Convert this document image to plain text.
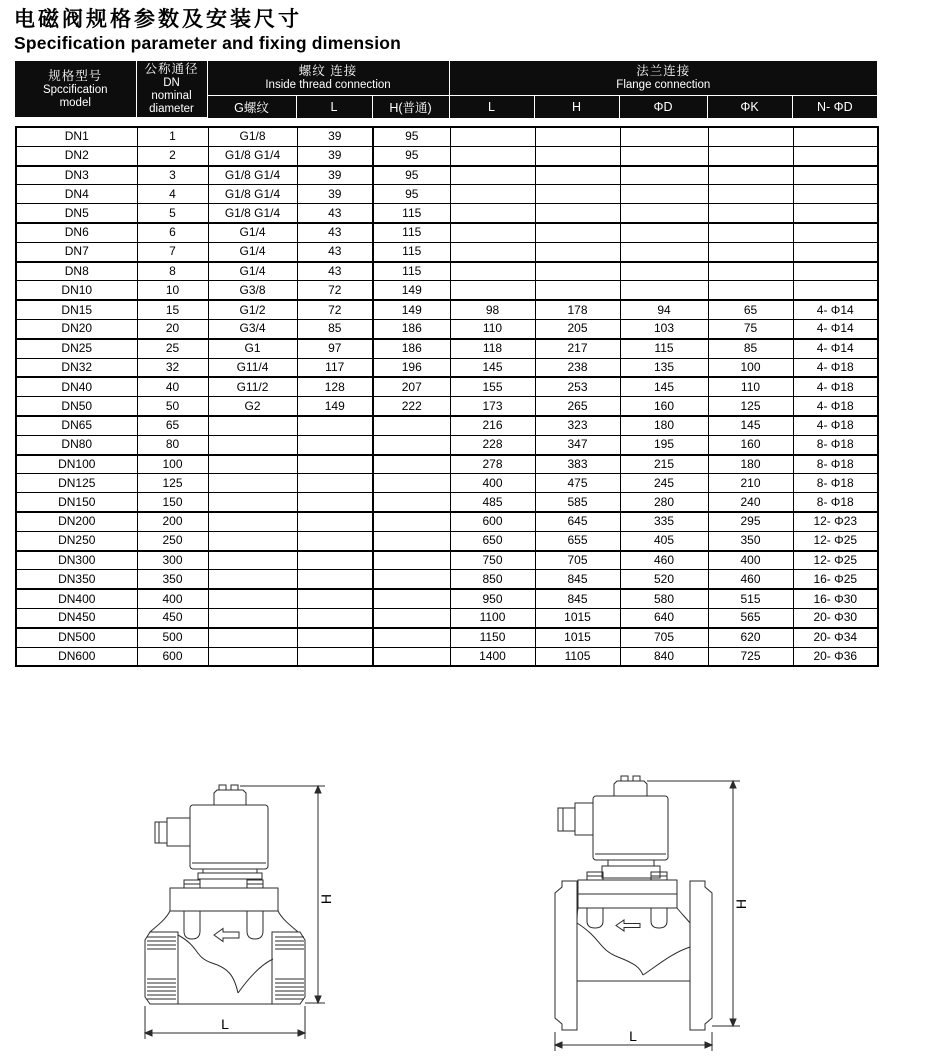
电磁阀规格参数及安装尺寸
Specification parameter and fixing dimension
规格型号
Spccification
model

公称通径
DN
nominal
diameter

螺纹 连接
Inside thread connection

法兰连接
Flange connection

		G螺纹	L	H(普通)	L	H	ΦD	ΦK	N- ΦD
DN1	1	G1/8	39	95					
DN2	2	G1/8 G1/4	39	95					
DN3	3	G1/8 G1/4	39	95					
DN4	4	G1/8 G1/4	39	95					
DN5	5	G1/8 G1/4	43	115					
DN6	6	G1/4	43	115					
DN7	7	G1/4	43	115					
DN8	8	G1/4	43	115					
DN10	10	G3/8	72	149					
DN15	15	G1/2	72	149	98	178	94	65	4- Φ14
DN20	20	G3/4	85	186	110	205	103	75	4- Φ14
DN25	25	G1	97	186	118	217	115	85	4- Φ14
DN32	32	G11/4	117	196	145	238	135	100	4- Φ18
DN40	40	G11/2	128	207	155	253	145	110	4- Φ18
DN50	50	G2	149	222	173	265	160	125	4- Φ18
DN65	65				216	323	180	145	4- Φ18
DN80	80				228	347	195	160	8- Φ18
DN100	100				278	383	215	180	8- Φ18
DN125	125				400	475	245	210	8- Φ18
DN150	150				485	585	280	240	8- Φ18
DN200	200				600	645	335	295	12- Φ23
DN250	250				650	655	405	350	12- Φ25
DN300	300				750	705	460	400	12- Φ25
DN350	350				850	845	520	460	16- Φ25
DN400	400				950	845	580	515	16- Φ30
DN450	450				1100	1015	640	565	20- Φ30
DN500	500				1150	1015	705	620	20- Φ34
DN600	600				1400	1105	840	725	20- Φ36
H
L
H
L
